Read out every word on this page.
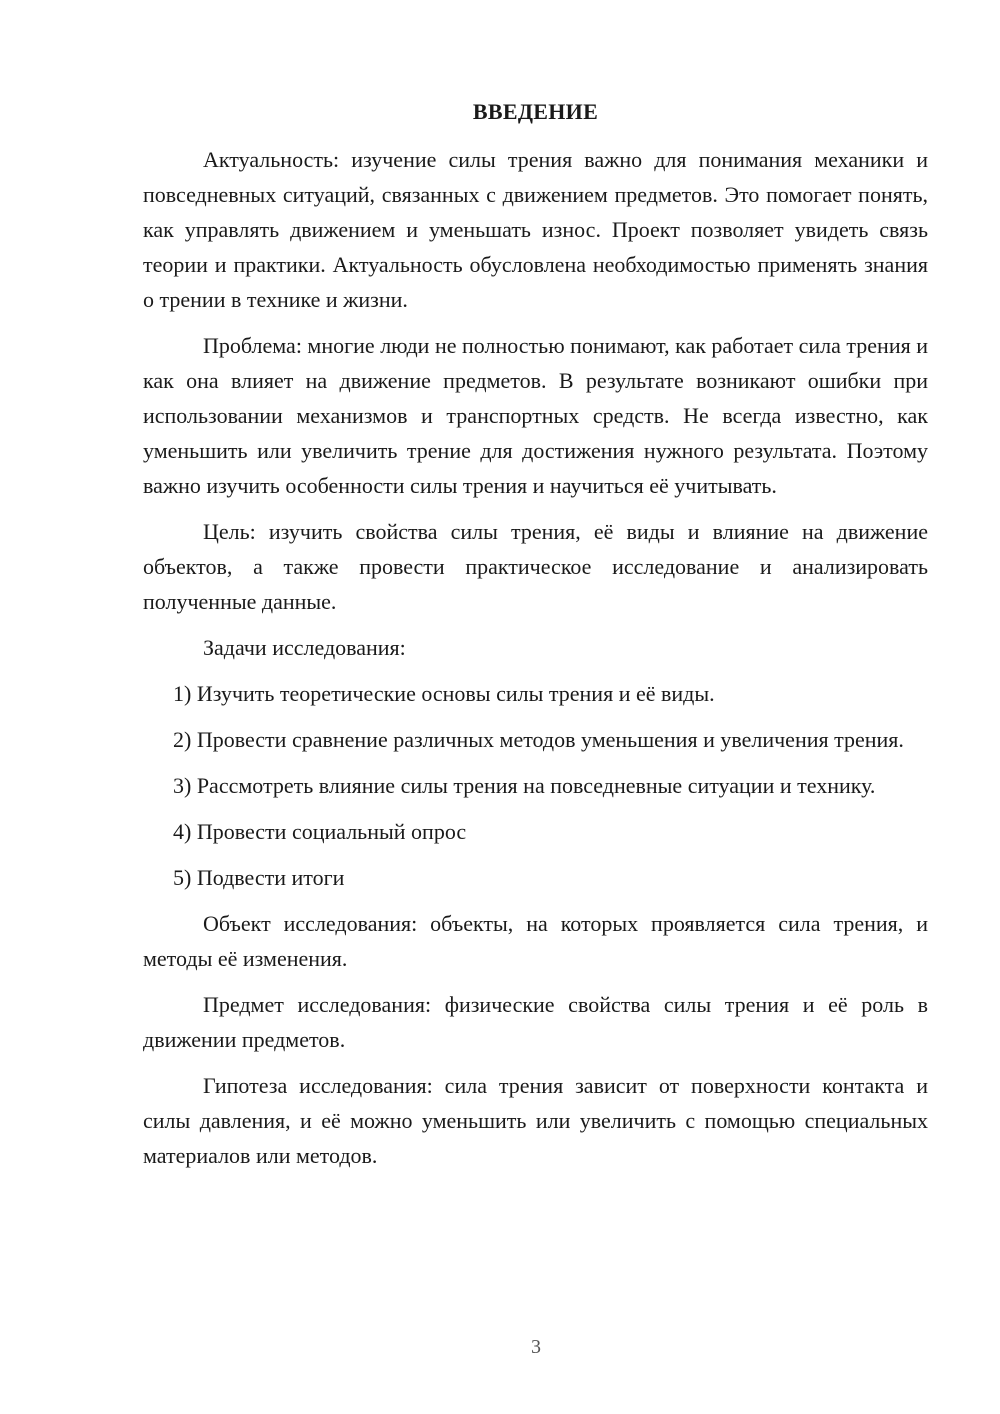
ВВЕДЕНИЕ

Актуальность: изучение силы трения важно для понимания механики и повседневных ситуаций, связанных с движением предметов. Это помогает понять, как управлять движением и уменьшать износ. Проект позволяет увидеть связь теории и практики. Актуальность обусловлена необходимостью применять знания о трении в технике и жизни.

Проблема: многие люди не полностью понимают, как работает сила трения и как она влияет на движение предметов. В результате возникают ошибки при использовании механизмов и транспортных средств. Не всегда известно, как уменьшить или увеличить трение для достижения нужного результата. Поэтому важно изучить особенности силы трения и научиться её учитывать.

Цель: изучить свойства силы трения, её виды и влияние на движение объектов, а также провести практическое исследование и анализировать полученные данные.

Задачи исследования:

1) Изучить теоретические основы силы трения и её виды.

2) Провести сравнение различных методов уменьшения и увеличения трения.

3) Рассмотреть влияние силы трения на повседневные ситуации и технику.

4) Провести социальный опрос

5) Подвести итоги

Объект исследования: объекты, на которых проявляется сила трения, и методы её изменения.

Предмет исследования: физические свойства силы трения и её роль в движении предметов.

Гипотеза исследования: сила трения зависит от поверхности контакта и силы давления, и её можно уменьшить или увеличить с помощью специальных материалов или методов.

3
